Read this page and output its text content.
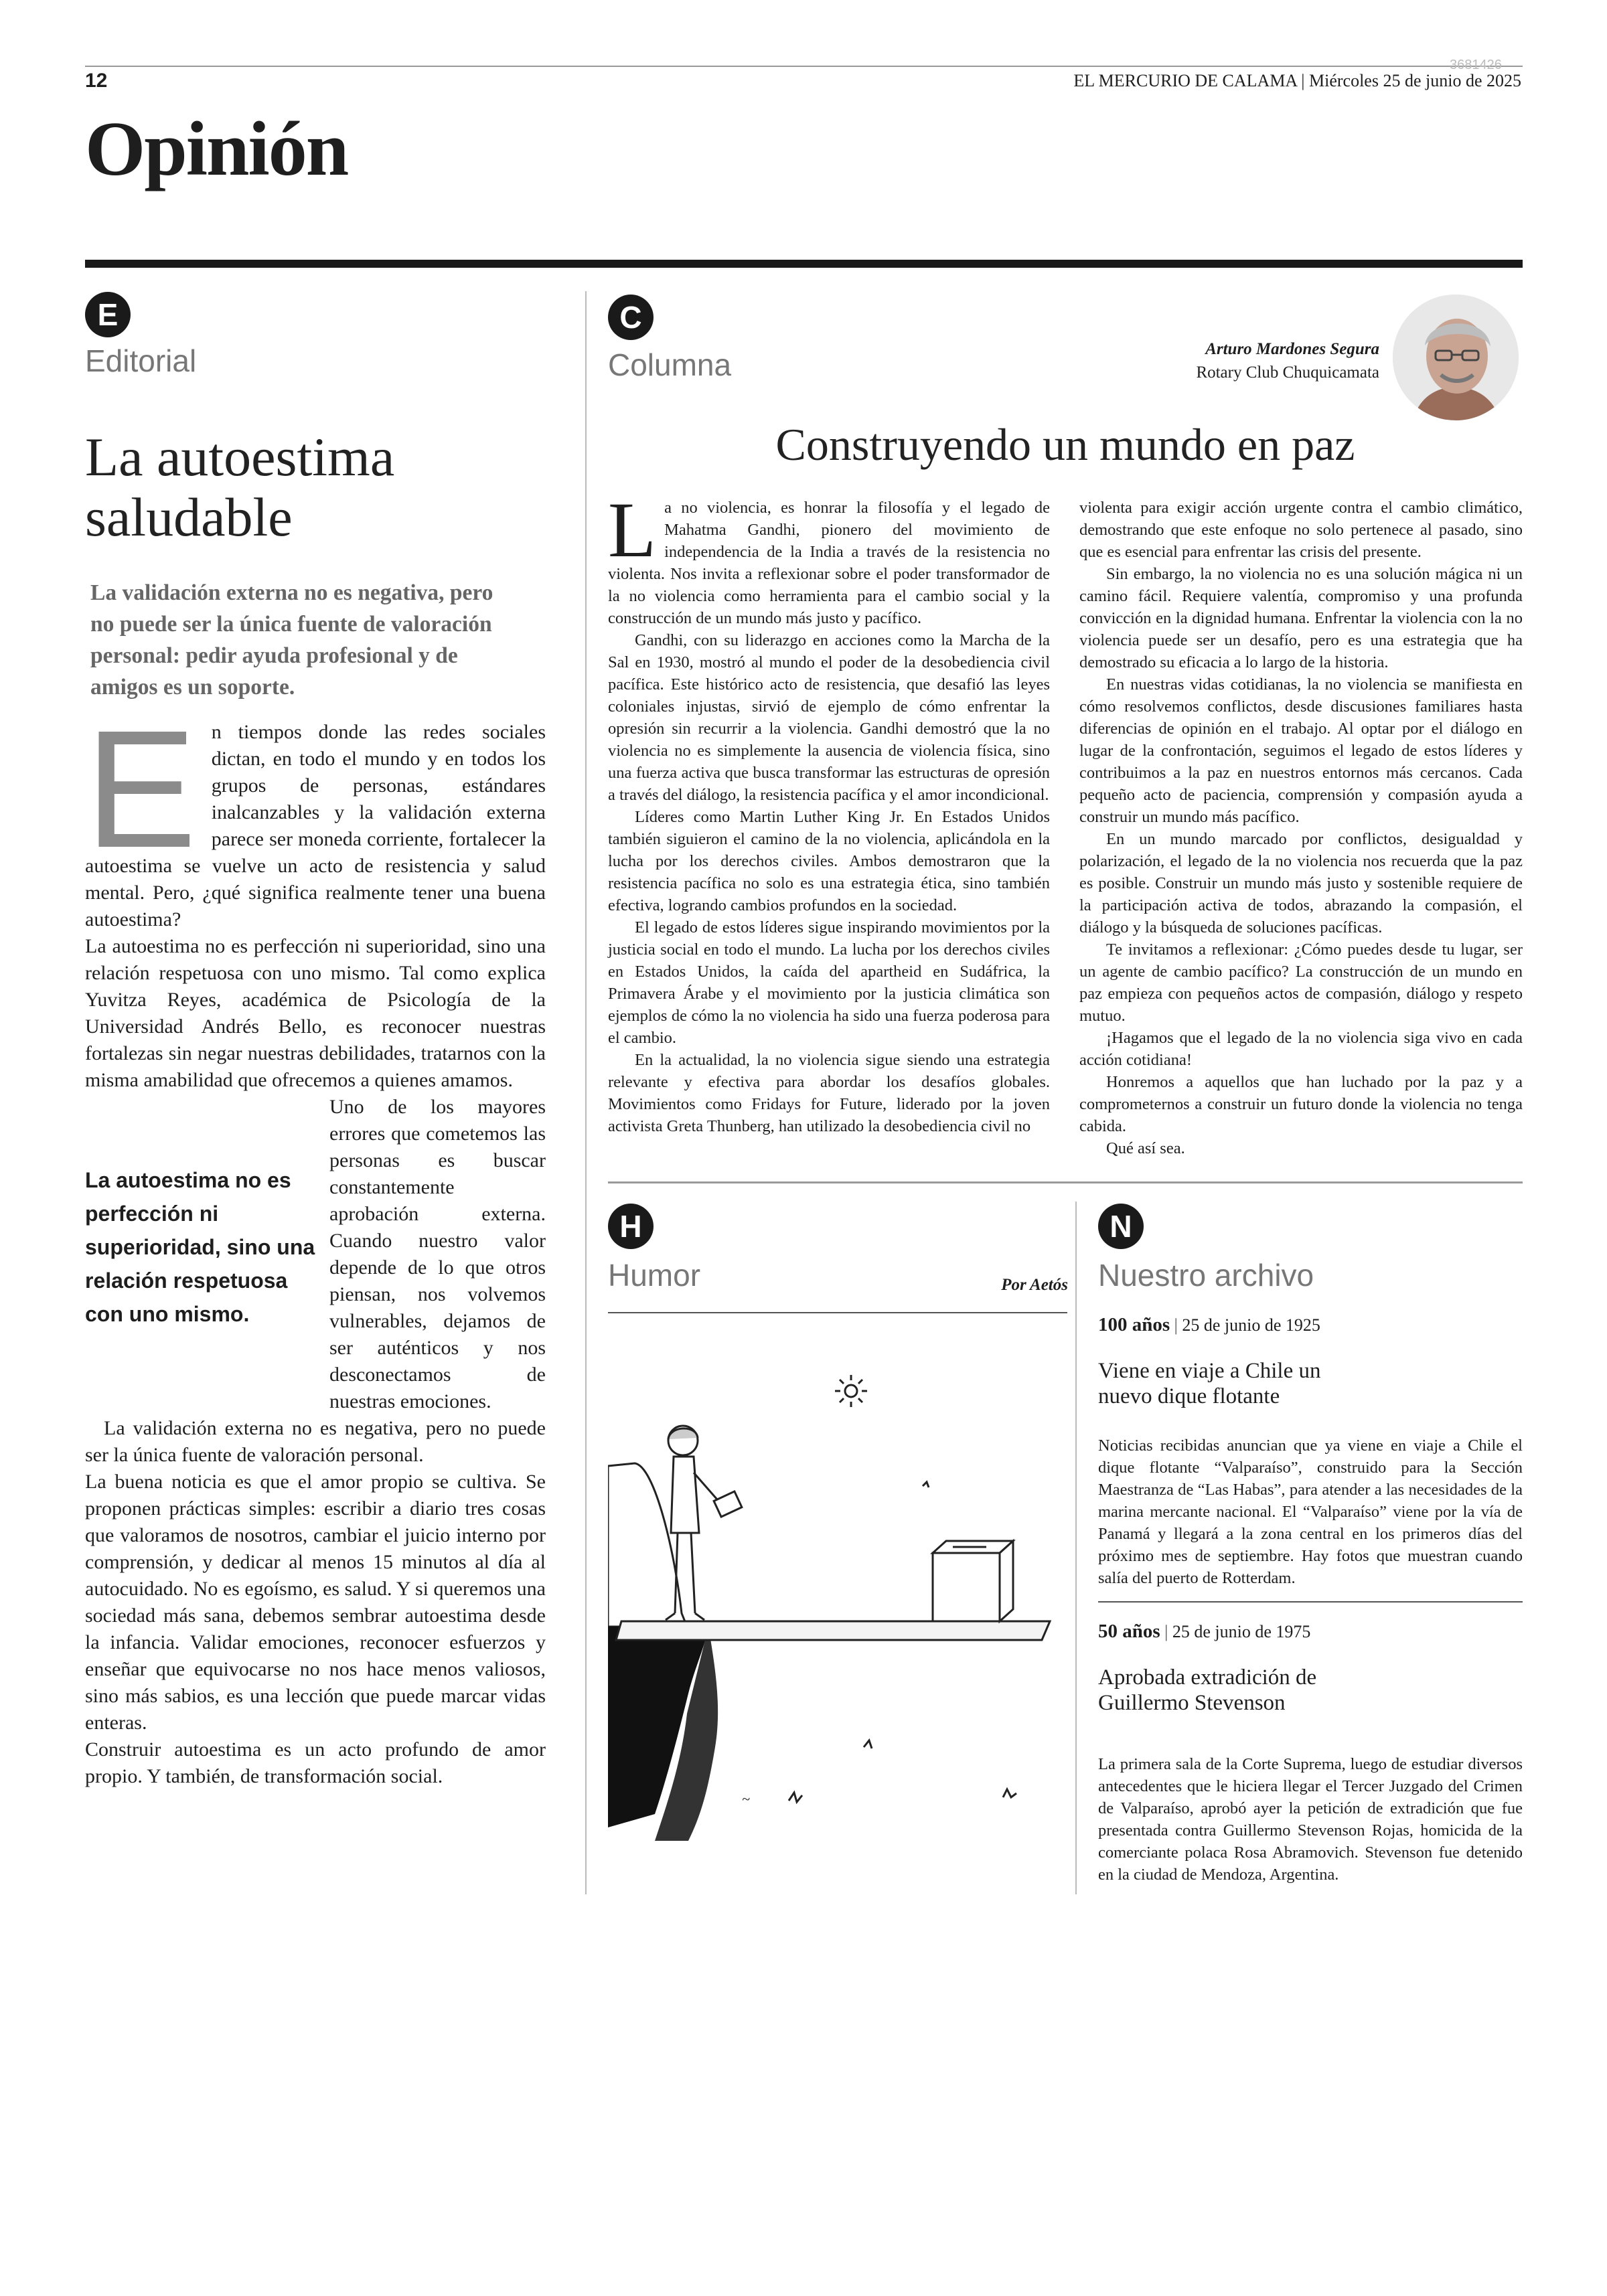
12
3681426
EL MERCURIO DE CALAMA | Miércoles 25 de junio de 2025
Opinión
E
Editorial
La autoestima
saludable
La validación externa no es negativa, pero no puede ser la única fuente de valoración personal: pedir ayuda profesional y de amigos es un soporte.

En tiempos donde las redes sociales dictan, en todo el mundo y en todos los grupos de personas, estándares inalcanzables y la validación externa parece ser moneda corriente, fortalecer la autoestima se vuelve un acto de resistencia y salud mental. Pero, ¿qué significa realmente tener una buena autoestima?

La autoestima no es perfección ni superioridad, sino una relación respetuosa con uno mismo. Tal como explica Yuvitza Reyes, académica de Psicología de la Universidad Andrés Bello, es reconocer nuestras fortalezas sin negar nuestras debilidades, tratarnos con la misma amabilidad que ofrecemos a quienes amamos.

La autoestima no es perfección ni superioridad, sino una relación respetuosa con uno mismo.
Uno de los mayores errores que cometemos las personas es buscar constantemente aprobación externa. Cuando nuestro valor depende de lo que otros piensan, nos volvemos vulnerables, dejamos de ser auténticos y nos desconectamos de nuestras emociones.

La validación externa no es negativa, pero no puede ser la única fuente de valoración personal.

La buena noticia es que el amor propio se cultiva. Se proponen prácticas simples: escribir a diario tres cosas que valoramos de nosotros, cambiar el juicio interno por comprensión, y dedicar al menos 15 minutos al día al autocuidado. No es egoísmo, es salud. Y si queremos una sociedad más sana, debemos sembrar autoestima desde la infancia. Validar emociones, reconocer esfuerzos y enseñar que equivocarse no nos hace menos valiosos, sino más sabios, es una lección que puede marcar vidas enteras.

Construir autoestima es un acto profundo de amor propio. Y también, de transformación social.

C
Columna	Arturo Mardones Segura
Rotary Club Chuquicamata
Construyendo un mundo en paz

La no violencia, es honrar la filosofía y el legado de Mahatma Gandhi, pionero del movimiento de independencia de la India a través de la resistencia no violenta. Nos invita a reflexionar sobre el poder transformador de la no violencia como herramienta para el cambio social y la construcción de un mundo más justo y pacífico.

Gandhi, con su liderazgo en acciones como la Marcha de la Sal en 1930, mostró al mundo el poder de la desobediencia civil pacífica. Este histórico acto de resistencia, que desafió las leyes coloniales injustas, sirvió de ejemplo de cómo enfrentar la opresión sin recurrir a la violencia. Gandhi demostró que la no violencia no es simplemente la ausencia de violencia física, sino una fuerza activa que busca transformar las estructuras de opresión a través del diálogo, la resistencia pacífica y el amor incondicional.

Líderes como Martin Luther King Jr. En Estados Unidos también siguieron el camino de la no violencia, aplicándola en la lucha por los derechos civiles. Ambos demostraron que la resistencia pacífica no solo es una estrategia ética, sino también efectiva, logrando cambios profundos en la sociedad.

El legado de estos líderes sigue inspirando movimientos por la justicia social en todo el mundo. La lucha por los derechos civiles en Estados Unidos, la caída del apartheid en Sudáfrica, la Primavera Árabe y el movimiento por la justicia climática son ejemplos de cómo la no violencia ha sido una fuerza poderosa para el cambio.

En la actualidad, la no violencia sigue siendo una estrategia relevante y efectiva para abordar los desafíos globales. Movimientos como Fridays for Future, liderado por la joven activista Greta Thunberg, han utilizado la desobediencia civil no

violenta para exigir acción urgente contra el cambio climático, demostrando que este enfoque no solo pertenece al pasado, sino que es esencial para enfrentar las crisis del presente.

Sin embargo, la no violencia no es una solución mágica ni un camino fácil. Requiere valentía, compromiso y una profunda convicción en la dignidad humana. Enfrentar la violencia con la no violencia puede ser un desafío, pero es una estrategia que ha demostrado su eficacia a lo largo de la historia.

En nuestras vidas cotidianas, la no violencia se manifiesta en cómo resolvemos conflictos, desde discusiones familiares hasta diferencias de opinión en el trabajo. Al optar por el diálogo en lugar de la confrontación, seguimos el legado de estos líderes y contribuimos a la paz en nuestros entornos más cercanos. Cada pequeño acto de paciencia, comprensión y compasión ayuda a construir un mundo más pacífico.

En un mundo marcado por conflictos, desigualdad y polarización, el legado de la no violencia nos recuerda que la paz es posible. Construir un mundo más justo y sostenible requiere de la participación activa de todos, abrazando la compasión, el diálogo y la búsqueda de soluciones pacíficas.

Te invitamos a reflexionar: ¿Cómo puedes desde tu lugar, ser un agente de cambio pacífico? La construcción de un mundo en paz empieza con pequeños actos de compasión, diálogo y respeto mutuo.

¡Hagamos que el legado de la no violencia siga vivo en cada acción cotidiana!

Honremos a aquellos que han luchado por la paz y a comprometernos a construir un futuro donde la violencia no tenga cabida.

Qué así sea.

H
Humor	Por Aetós
~
N
Nuestro archivo
100 años | 25 de junio de 1925
Viene en viaje a Chile un
nuevo dique flotante

Noticias recibidas anuncian que ya viene en viaje a Chile el dique flotante “Valparaíso”, construido para la Sección Maestranza de “Las Habas”, para atender a las necesidades de la marina mercante nacional. El “Valparaíso” viene por la vía de Panamá y llegará a la zona central en los primeros días del próximo mes de septiembre. Hay fotos que muestran cuando salía del puerto de Rotterdam.

50 años | 25 de junio de 1975
Aprobada extradición de
Guillermo Stevenson

La primera sala de la Corte Suprema, luego de estudiar diversos antecedentes que le hiciera llegar el Tercer Juzgado del Crimen de Valparaíso, aprobó ayer la petición de extradición que fue presentada contra Guillermo Stevenson Rojas, homicida de la comerciante polaca Rosa Abramovich. Stevenson fue detenido en la ciudad de Mendoza, Argentina.
